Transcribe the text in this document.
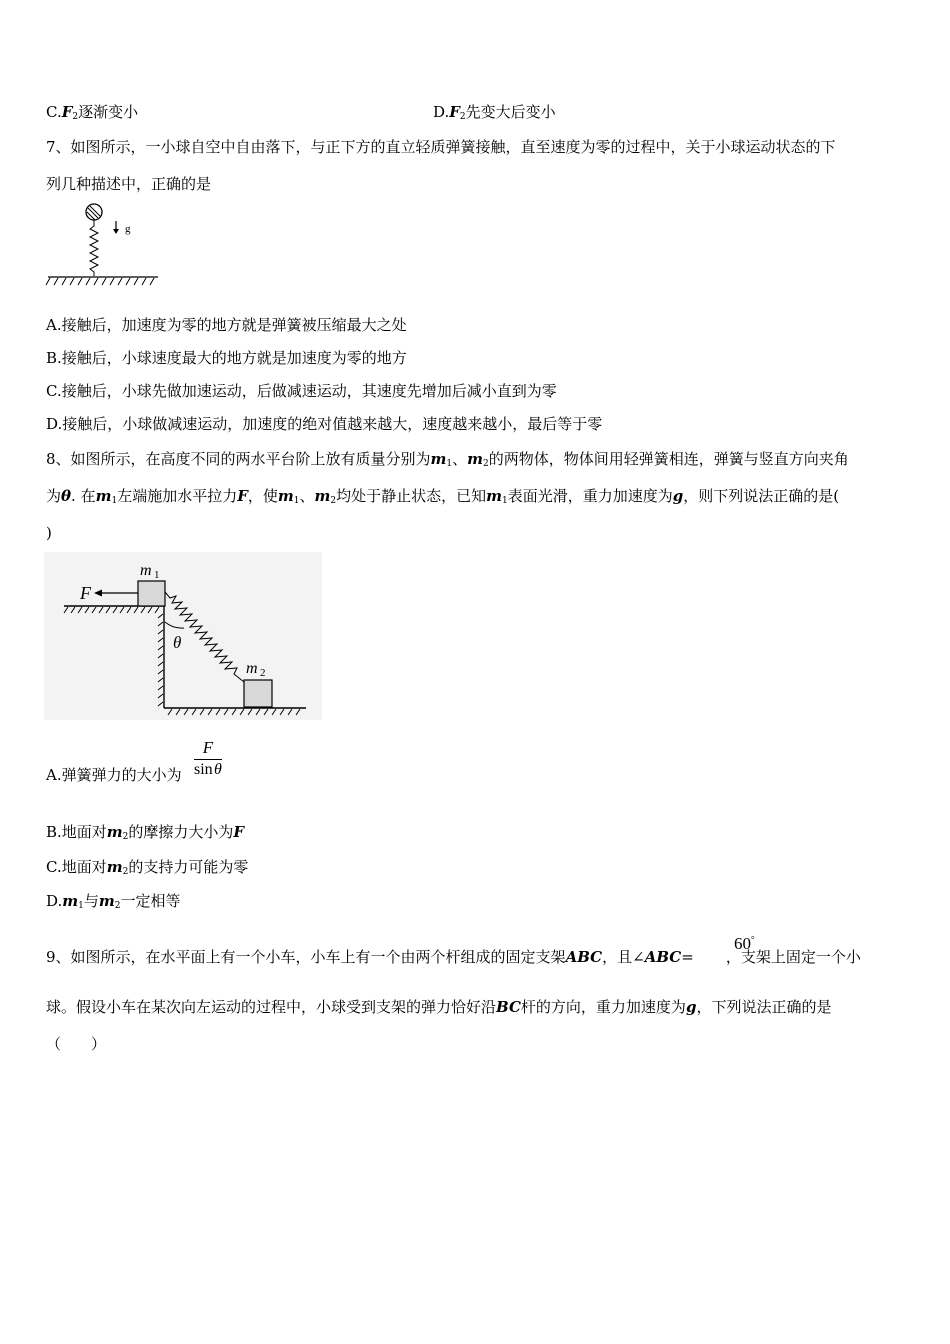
$C.F_2$逐渐变小	$D.F_2$先变大后变小
7、如图所示，一小球自空中自由落下，与正下方的直立轻质弹簧接触，直至速度为零的过程中，关于小球运动状态的下
列几种描述中，正确的是
g
A.接触后，加速度为零的地方就是弹簧被压缩最大之处
B.接触后，小球速度最大的地方就是加速度为零的地方
C.接触后，小球先做加速运动，后做减速运动，其速度先增加后减小直到为零
D.接触后，小球做减速运动，加速度的绝对值越来越大，速度越来越小，最后等于零
8、如图所示，在高度不同的两水平台阶上放有质量分别为$m_1$、$m_2$的两物体，物体间用轻弹簧相连，弹簧与竖直方向夹角
为θ. 在$m_1$左端施加水平拉力F，使$m_1$、$m_2$均处于静止状态，已知$m_1$表面光滑，重力加速度为g，则下列说法正确的是(
)
F
m 1
m 2
θ
A.弹簧弹力的大小为
F
sin θ
B.地面对$m_2$的摩擦力大小为F
C.地面对$m_2$的支持力可能为零
$D.m_1$与$m_2$一定相等
9、如图所示，在水平面上有一个小车，小车上有一个由两个杆组成的固定支架ABC，且∠ABC= ，支架上固定一个小
60°
球。假设小车在某次向左运动的过程中，小球受到支架的弹力恰好沿BC杆的方向，重力加速度为g，下列说法正确的是
（　　）
